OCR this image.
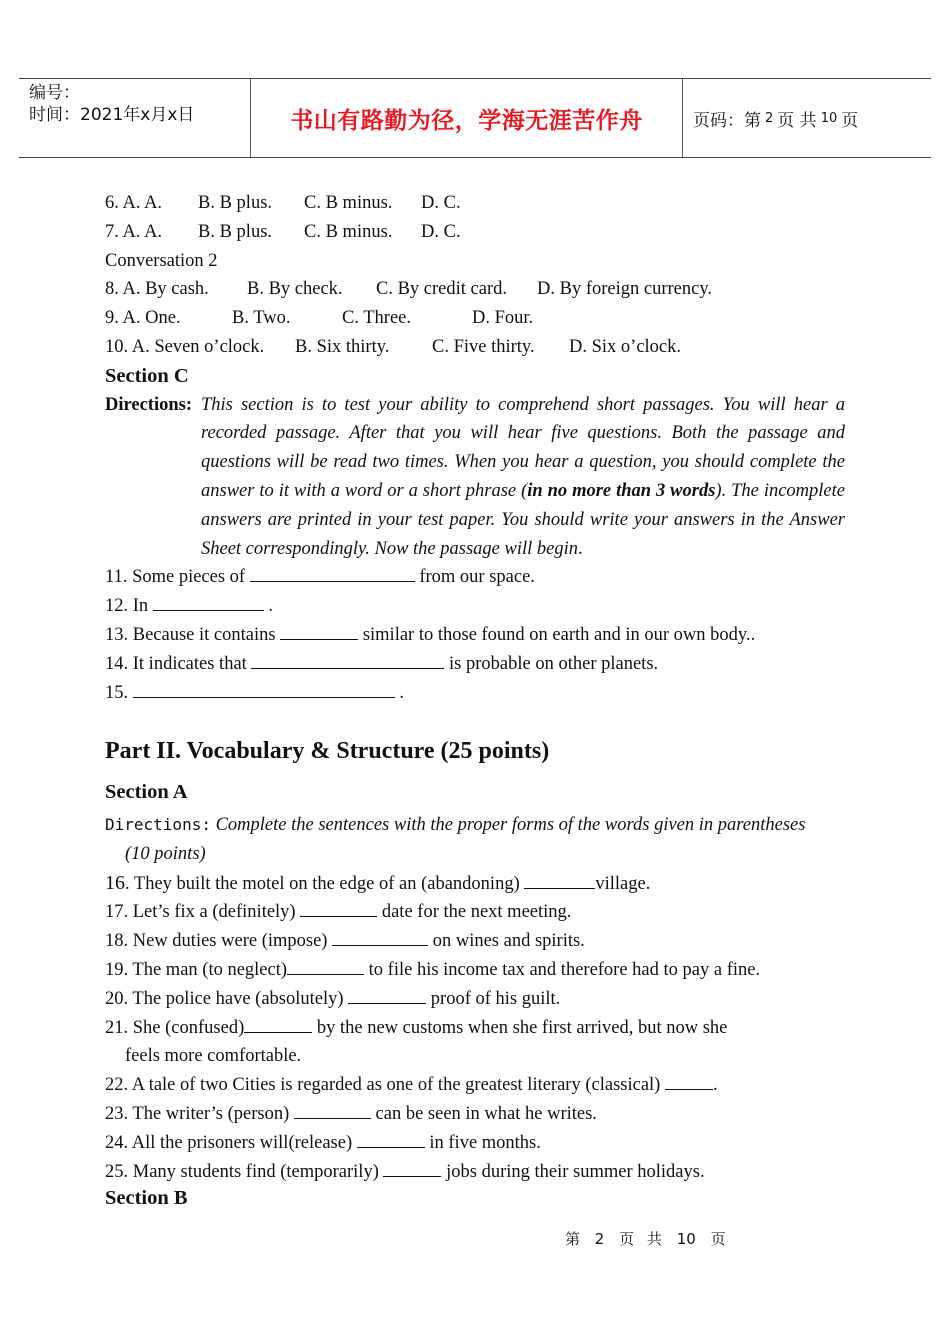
编号：
时间：2021年x月x日	书山有路勤为径，学海无涯苦作舟	页码：第 2 页 共 10 页
6. A. A. B. B plus. C. B minus. D. C.
7. A. A. B. B plus. C. B minus. D. C.
Conversation 2
8. A. By cash. B. By check. C. By credit card. D. By foreign currency.
9. A. One.	B. Two.	C. Three.	D. Four.
10. A. Seven o’clock. B. Six thirty. C. Five thirty. D. Six o’clock.
Section C
Directions: This section is to test your ability to comprehend short passages. You will hear a recorded passage. After that you will hear five questions. Both the passage and questions will be read two times. When you hear a question, you should complete the answer to it with a word or a short phrase (in no more than 3 words). The incomplete answers are printed in your test paper. You should write your answers in the Answer Sheet correspondingly. Now the passage will begin.
11. Some pieces of	from our space.
12. In	.
13. Because it contains	similar to those found on earth and in our own body..
14. It indicates that	is probable on other planets.
15.	.
Part II. Vocabulary & Structure (25 points)
Section A
Directions: Complete the sentences with the proper forms of the words given in parentheses
(10 points)
16. They built the motel on the edge of an (abandoning)	village.
17. Let’s fix a (definitely)	date for the next meeting.
18. New duties were (impose)	on wines and spirits.
19. The man (to neglect)	to file his income tax and therefore had to pay a fine.
20. The police have (absolutely)	proof of his guilt.
21. She (confused)	by the new customs when she first arrived, but now she
feels more comfortable.
22. A tale of two Cities is regarded as one of the greatest literary (classical)	.
23. The writer’s (person)	can be seen in what he writes.
24. All the prisoners will(release)	in five months.
25. Many students find (temporarily)	jobs during their summer holidays.
Section B
第 2 页 共 10 页
